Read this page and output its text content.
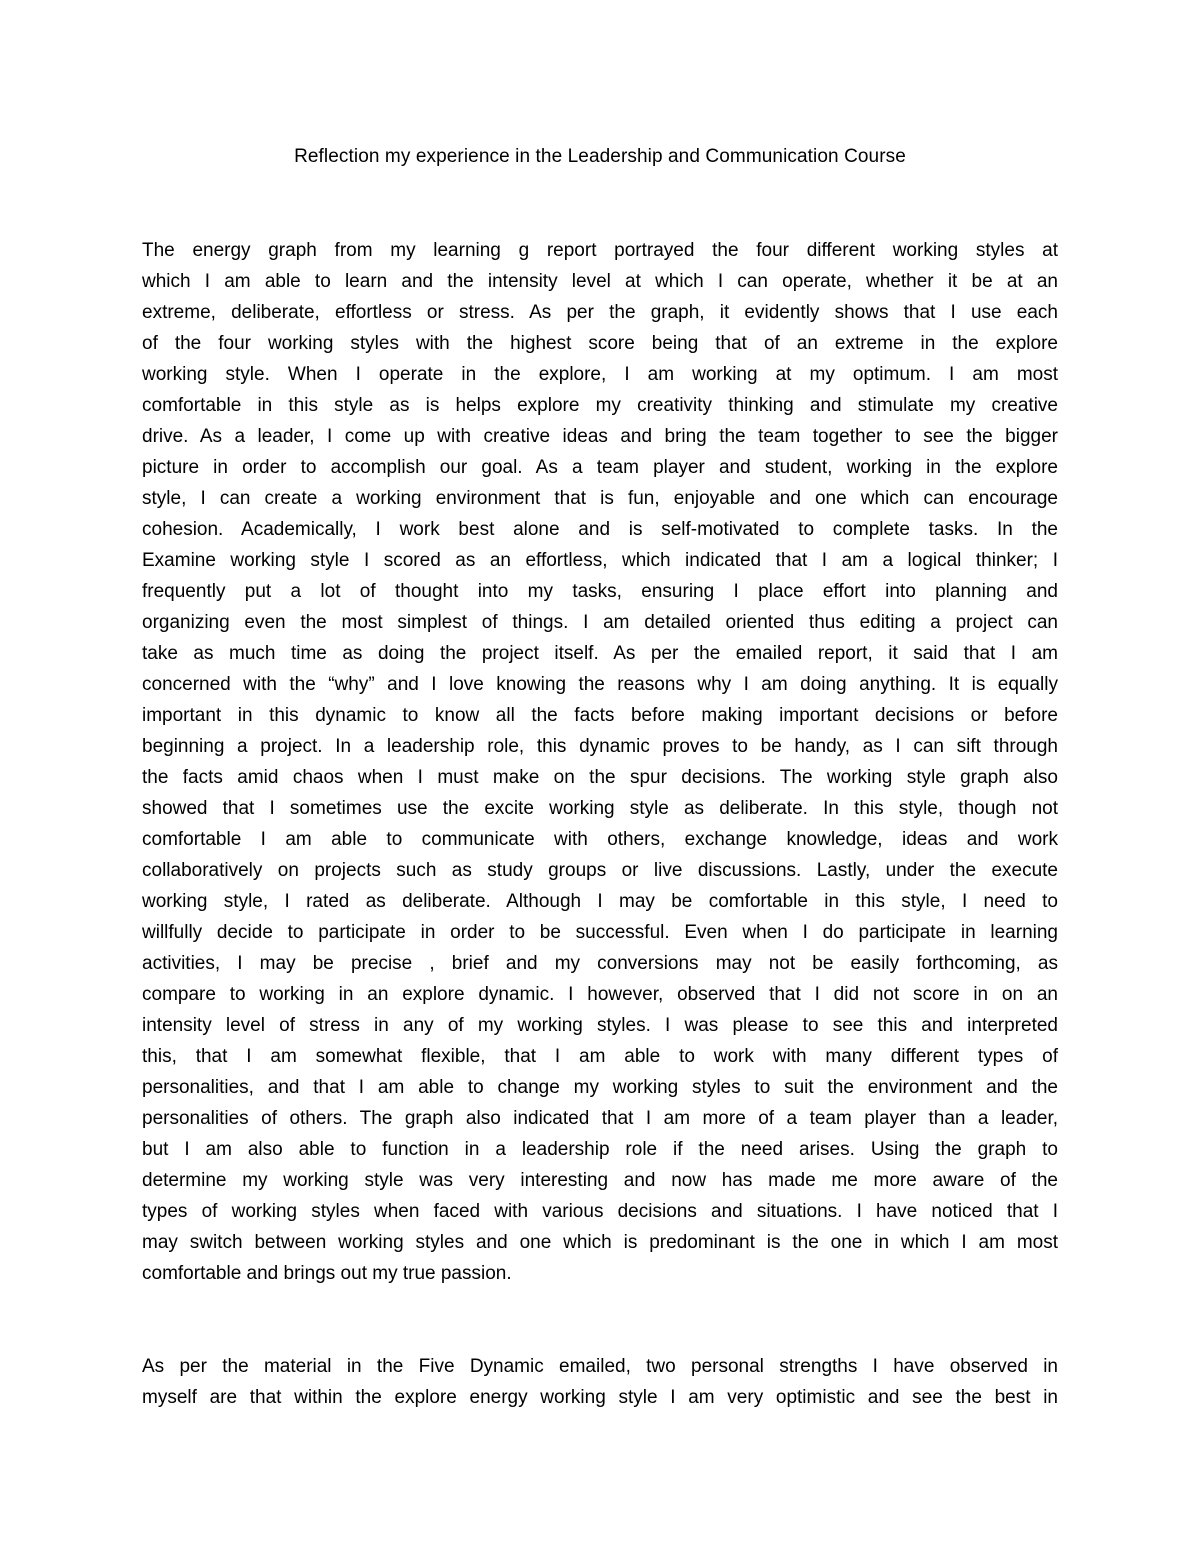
Reflection my experience in the Leadership and Communication Course
The energy graph from my learning g report portrayed the four different working styles at
which I am able to learn and the intensity level at which I can operate, whether it be at an
extreme, deliberate, effortless or stress. As per the graph, it evidently shows that I use each
of the four working styles with the highest score being that of an extreme in the explore
working style. When I operate in the explore, I am working at my optimum. I am most
comfortable in this style as is helps explore my creativity thinking and stimulate my creative
drive. As a leader, I come up with creative ideas and bring the team together to see the bigger
picture in order to accomplish our goal. As a team player and student, working in the explore
style, I can create a working environment that is fun, enjoyable and one which can encourage
cohesion. Academically, I work best alone and is self-motivated to complete tasks. In the
Examine working style I scored as an effortless, which indicated that I am a logical thinker; I
frequently put a lot of thought into my tasks, ensuring I place effort into planning and
organizing even the most simplest of things. I am detailed oriented thus editing a project can
take as much time as doing the project itself. As per the emailed report, it said that I am
concerned with the “why” and I love knowing the reasons why I am doing anything. It is equally
important in this dynamic to know all the facts before making important decisions or before
beginning a project. In a leadership role, this dynamic proves to be handy, as I can sift through
the facts amid chaos when I must make on the spur decisions. The working style graph also
showed that I sometimes use the excite working style as deliberate. In this style, though not
comfortable I am able to communicate with others, exchange knowledge, ideas and work
collaboratively on projects such as study groups or live discussions. Lastly, under the execute
working style, I rated as deliberate. Although I may be comfortable in this style, I need to
willfully decide to participate in order to be successful. Even when I do participate in learning
activities, I may be precise , brief and my conversions may not be easily forthcoming, as
compare to working in an explore dynamic. I however, observed that I did not score in on an
intensity level of stress in any of my working styles. I was please to see this and interpreted
this, that I am somewhat flexible, that I am able to work with many different types of
personalities, and that I am able to change my working styles to suit the environment and the
personalities of others. The graph also indicated that I am more of a team player than a leader,
but I am also able to function in a leadership role if the need arises. Using the graph to
determine my working style was very interesting and now has made me more aware of the
types of working styles when faced with various decisions and situations. I have noticed that I
may switch between working styles and one which is predominant is the one in which I am most
comfortable and brings out my true passion.
As per the material in the Five Dynamic emailed, two personal strengths I have observed in
myself are that within the explore energy working style I am very optimistic and see the best in
